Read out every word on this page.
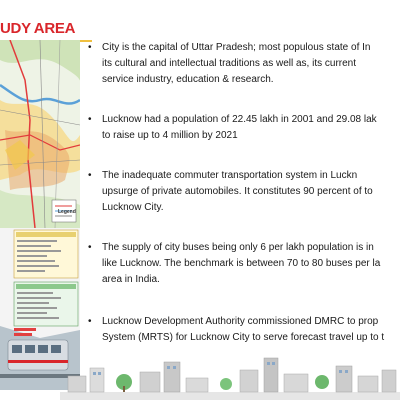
UDY AREA
Legend
•	City is the capital of Uttar Pradesh; most populous state of In
its cultural and intellectual traditions as well as, its current
service industry, education & research.
•	Lucknow had a population of 22.45 lakh in 2001 and 29.08 lak
to raise up to 4 million by 2021
•	The inadequate commuter transportation system in Luckn
upsurge of private automobiles. It constitutes 90 percent of to
Lucknow City.
•	The supply of city buses being only 6 per lakh population is in
like Lucknow. The benchmark is between 70 to 80 buses per la
area in India.
•	Lucknow Development Authority commissioned DMRC to prop
System (MRTS) for Lucknow City to serve forecast travel up to t
